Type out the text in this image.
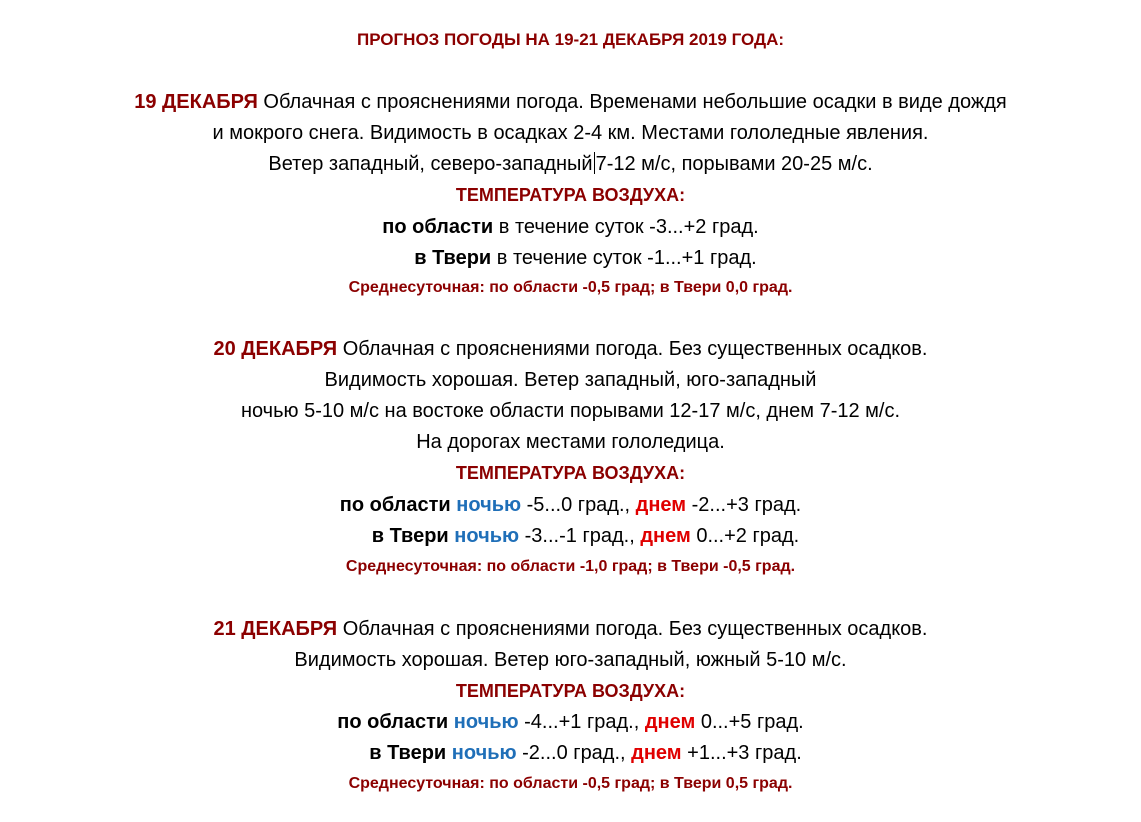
ПРОГНОЗ ПОГОДЫ НА 19-21 ДЕКАБРЯ 2019 ГОДА:
19 ДЕКАБРЯ Облачная с прояснениями погода. Временами небольшие осадки в виде дождя
и мокрого снега. Видимость в осадках 2-4 км. Местами гололедные явления.
Ветер западный, северо-западный 7-12 м/с, порывами 20-25 м/с.
ТЕМПЕРАТУРА ВОЗДУХА:
по области в течение суток -3...+2 град.
в Твери в течение суток -1...+1 град.
Среднесуточная: по области -0,5 град; в Твери 0,0 град.
20 ДЕКАБРЯ Облачная с прояснениями погода. Без существенных осадков.
Видимость хорошая. Ветер западный, юго-западный
ночью 5-10 м/с на востоке области порывами 12-17 м/с, днем 7-12 м/с.
На дорогах местами гололедица.
ТЕМПЕРАТУРА ВОЗДУХА:
по области ночью -5...0 град., днем -2...+3 град.
в Твери ночью -3...-1 град., днем 0...+2 град.
Среднесуточная: по области -1,0 град; в Твери -0,5 град.
21 ДЕКАБРЯ Облачная с прояснениями погода. Без существенных осадков.
Видимость хорошая. Ветер юго-западный, южный 5-10 м/с.
ТЕМПЕРАТУРА ВОЗДУХА:
по области ночью -4...+1 град., днем 0...+5 град.
в Твери ночью -2...0 град., днем +1...+3 град.
Среднесуточная: по области -0,5 град; в Твери 0,5 град.
